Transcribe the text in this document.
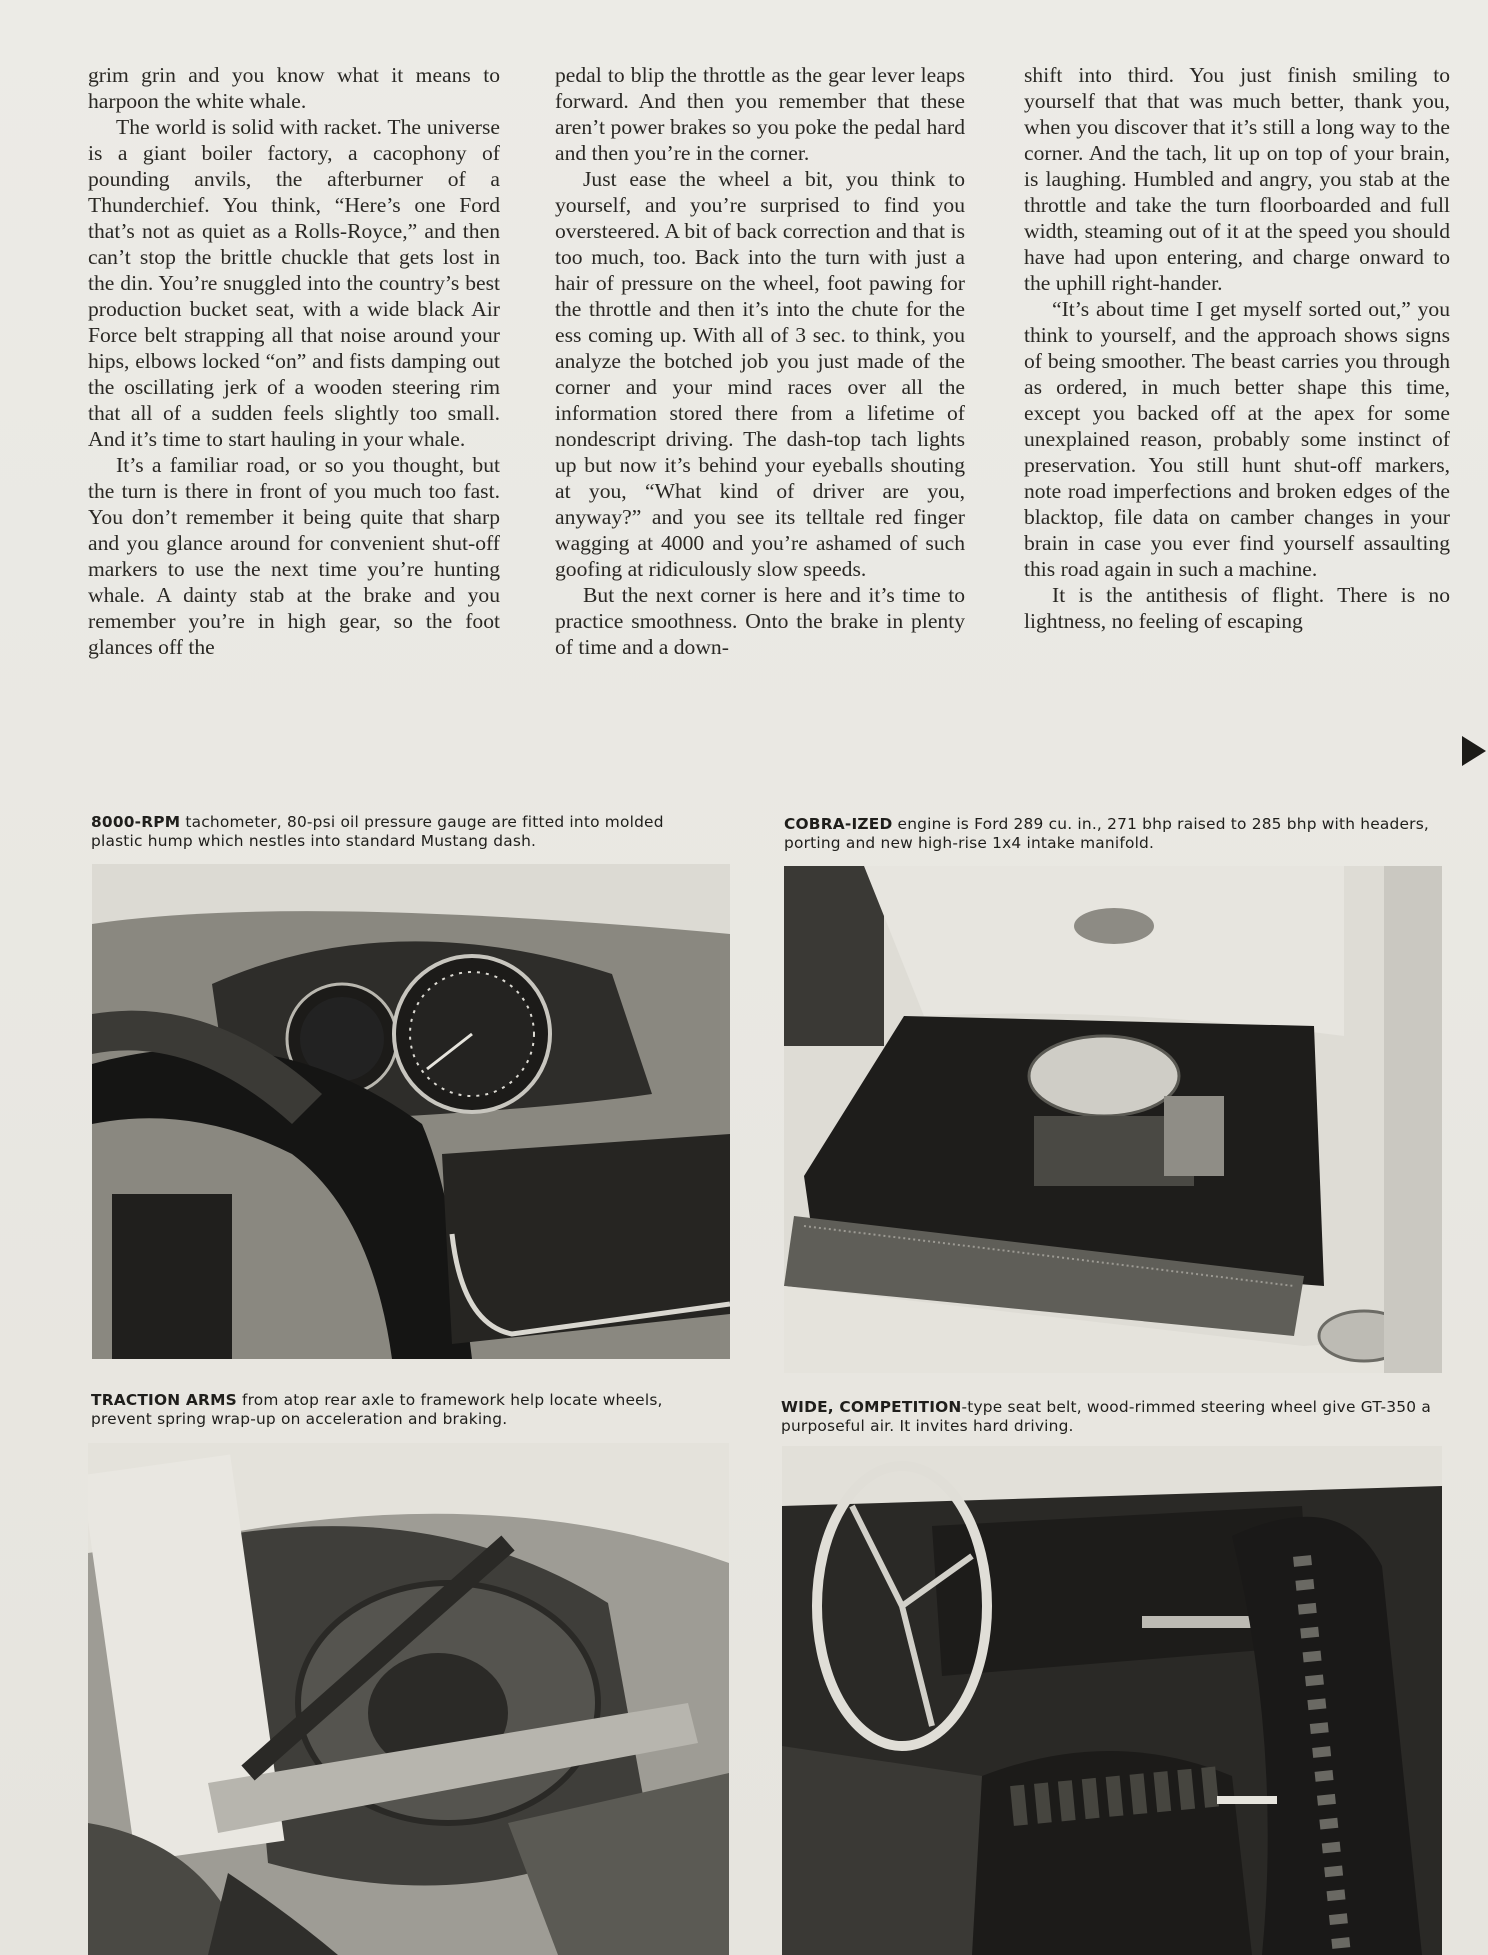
grim grin and you know what it means to harpoon the white whale.

The world is solid with racket. The universe is a giant boiler factory, a cacophony of pounding anvils, the afterburner of a Thunderchief. You think, “Here’s one Ford that’s not as quiet as a Rolls-Royce,” and then can’t stop the brittle chuckle that gets lost in the din. You’re snuggled into the country’s best production bucket seat, with a wide black Air Force belt strapping all that noise around your hips, elbows locked “on” and fists damping out the oscillating jerk of a wooden steering rim that all of a sudden feels slightly too small. And it’s time to start hauling in your whale.

It’s a familiar road, or so you thought, but the turn is there in front of you much too fast. You don’t remember it being quite that sharp and you glance around for convenient shut-off markers to use the next time you’re hunting whale. A dainty stab at the brake and you remember you’re in high gear, so the foot glances off the

pedal to blip the throttle as the gear lever leaps forward. And then you remember that these aren’t power brakes so you poke the pedal hard and then you’re in the corner.

Just ease the wheel a bit, you think to yourself, and you’re surprised to find you oversteered. A bit of back correction and that is too much, too. Back into the turn with just a hair of pressure on the wheel, foot pawing for the throttle and then it’s into the chute for the ess coming up. With all of 3 sec. to think, you analyze the botched job you just made of the corner and your mind races over all the information stored there from a lifetime of nondescript driving. The dash-top tach lights up but now it’s behind your eyeballs shouting at you, “What kind of driver are you, anyway?” and you see its telltale red finger wagging at 4000 and you’re ashamed of such goofing at ridiculously slow speeds.

But the next corner is here and it’s time to practice smoothness. Onto the brake in plenty of time and a down-

shift into third. You just finish smiling to yourself that that was much better, thank you, when you discover that it’s still a long way to the corner. And the tach, lit up on top of your brain, is laughing. Humbled and angry, you stab at the throttle and take the turn floorboarded and full width, steaming out of it at the speed you should have had upon entering, and charge onward to the uphill right-hander.

“It’s about time I get myself sorted out,” you think to yourself, and the approach shows signs of being smoother. The beast carries you through as ordered, in much better shape this time, except you backed off at the apex for some unexplained reason, probably some instinct of preservation. You still hunt shut-off markers, note road imperfections and broken edges of the blacktop, file data on camber changes in your brain in case you ever find yourself assaulting this road again in such a machine.

It is the antithesis of flight. There is no lightness, no feeling of escaping

8000-RPM tachometer, 80-psi oil pressure gauge are fitted into molded plastic hump which nestles into standard Mustang dash.
COBRA-IZED engine is Ford 289 cu. in., 271 bhp raised to 285 bhp with headers, porting and new high-rise 1x4 intake manifold.
TRACTION ARMS from atop rear axle to framework help locate wheels, prevent spring wrap-up on acceleration and braking.
WIDE, COMPETITION-type seat belt, wood-rimmed steering wheel give GT-350 a purposeful air. It invites hard driving.
